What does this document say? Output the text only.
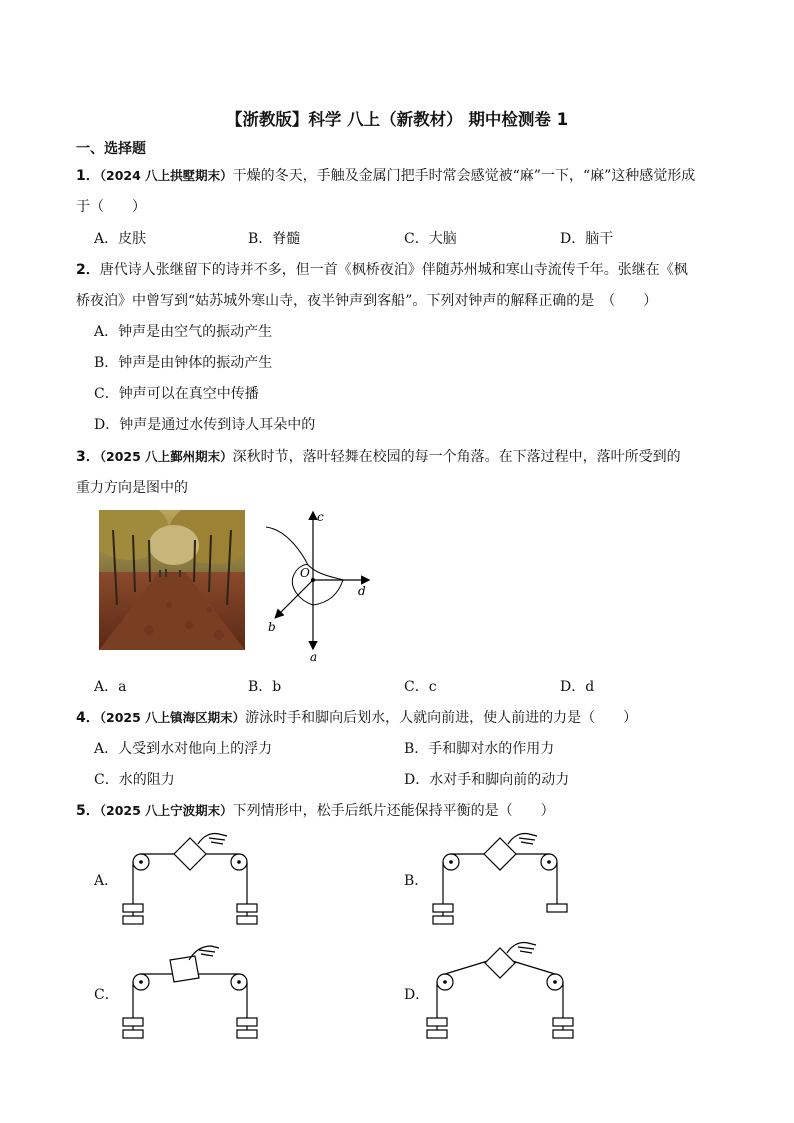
【浙教版】科学 八上（新教材） 期中检测卷 1
一、选择题
1．（2024 八上拱墅期末）干燥的冬天，手触及金属门把手时常会感觉被“麻”一下，“麻”这种感觉形成
于（　　）
A．皮肤	B．脊髓	C．大脑	D．脑干
2．唐代诗人张继留下的诗并不多，但一首《枫桥夜泊》伴随苏州城和寒山寺流传千年。张继在《枫
桥夜泊》中曾写到“姑苏城外寒山寺，夜半钟声到客船”。下列对钟声的解释正确的是　（　　）
A．钟声是由空气的振动产生
B．钟声是由钟体的振动产生
C．钟声可以在真空中传播
D．钟声是通过水传到诗人耳朵中的
3．（2025 八上鄞州期末）深秋时节，落叶轻舞在校园的每一个角落。在下落过程中，落叶所受到的
重力方向是图中的
c
O
d
b
a
A．a	B．b	C．c	D．d
4．（2025 八上镇海区期末）游泳时手和脚向后划水，人就向前进，使人前进的力是（　　）
A．人受到水对他向上的浮力	B．手和脚对水的作用力
C．水的阻力	D．水对手和脚向前的动力
5．（2025 八上宁波期末）下列情形中，松手后纸片还能保持平衡的是（　　）
A．	B．
C．	D．
